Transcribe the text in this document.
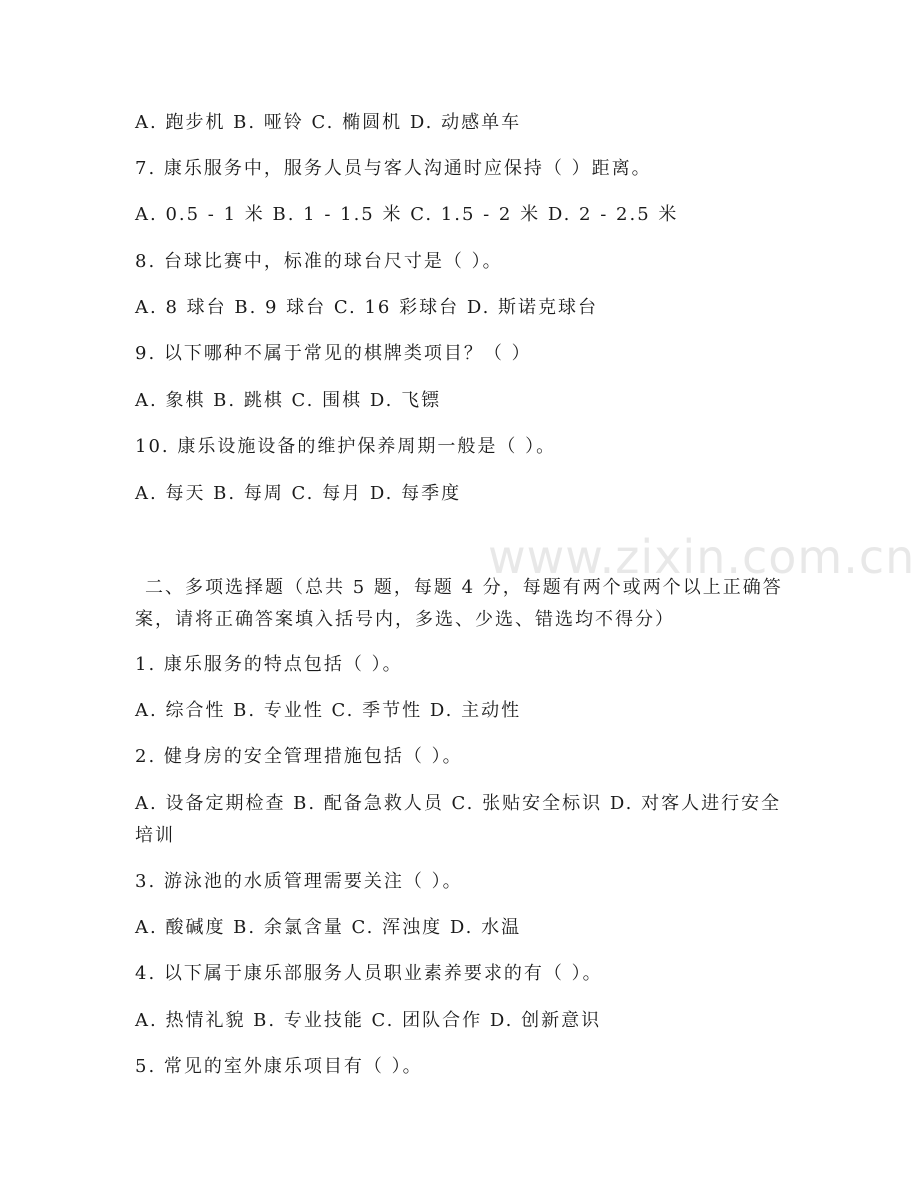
A. 跑步机 B. 哑铃 C. 椭圆机 D. 动感单车
7. 康乐服务中，服务人员与客人沟通时应保持（ ）距离。
A. 0.5 - 1 米 B. 1 - 1.5 米 C. 1.5 - 2 米 D. 2 - 2.5 米
8. 台球比赛中，标准的球台尺寸是（ ）。
A. 8 球台 B. 9 球台 C. 16 彩球台 D. 斯诺克球台
9. 以下哪种不属于常见的棋牌类项目？（ ）
A. 象棋 B. 跳棋 C. 围棋 D. 飞镖
10. 康乐设施设备的维护保养周期一般是（ ）。
A. 每天 B. 每周 C. 每月 D. 每季度
二、多项选择题（总共 5 题，每题 4 分，每题有两个或两个以上正确答案，请将正确答案填入括号内，多选、少选、错选均不得分）
1. 康乐服务的特点包括（ ）。
A. 综合性 B. 专业性 C. 季节性 D. 主动性
2. 健身房的安全管理措施包括（ ）。
A. 设备定期检查 B. 配备急救人员 C. 张贴安全标识 D. 对客人进行安全培训
3. 游泳池的水质管理需要关注（ ）。
A. 酸碱度 B. 余氯含量 C. 浑浊度 D. 水温
4. 以下属于康乐部服务人员职业素养要求的有（ ）。
A. 热情礼貌 B. 专业技能 C. 团队合作 D. 创新意识
5. 常见的室外康乐项目有（ ）。
www.zixin.com.cn
